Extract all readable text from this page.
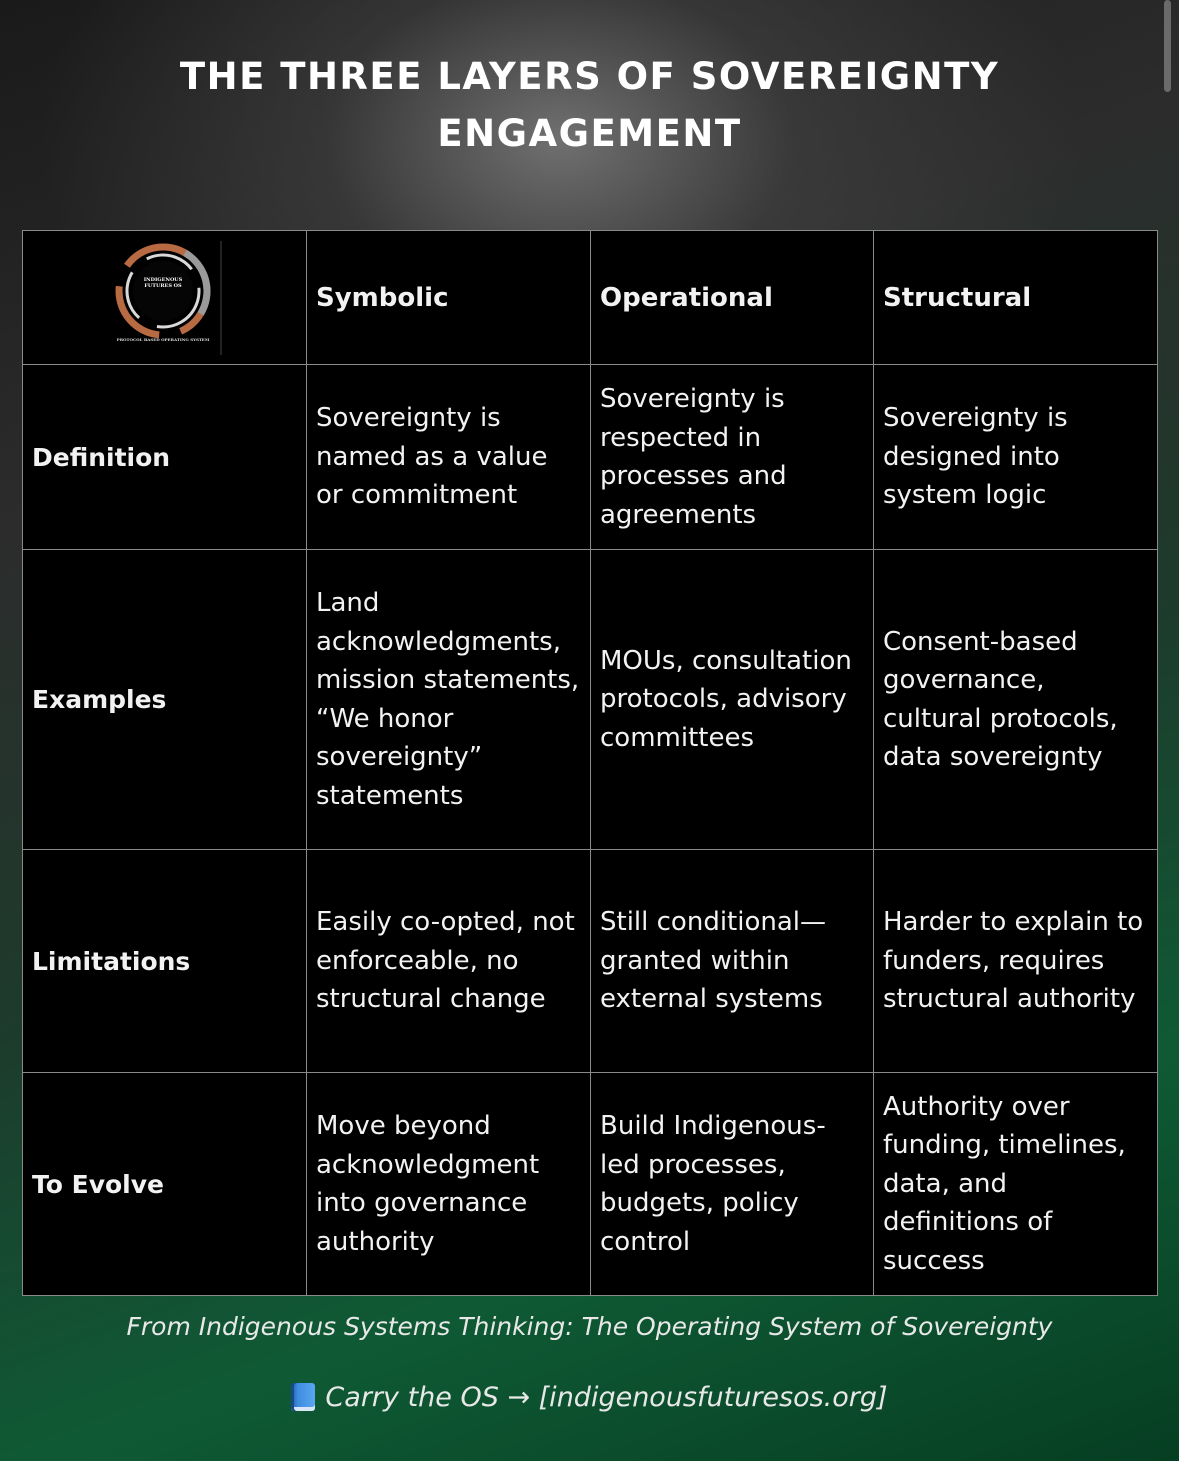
THE THREE LAYERS OF SOVEREIGNTY
ENGAGEMENT
INDIGENOUS FUTURES OS
PROTOCOL BASED OPERATING SYSTEM	Symbolic	Operational	Structural
Definition	Sovereignty is named as a value or commitment	Sovereignty is respected in processes and agreements	Sovereignty is designed into system logic
Examples	Land acknowledgments, mission statements, “We honor sovereignty” statements	MOUs, consultation protocols, advisory committees	Consent-based governance, cultural protocols, data sovereignty
Limitations	Easily co-opted, not enforceable, no structural change	Still conditional—granted within external systems	Harder to explain to funders, requires structural authority
To Evolve	Move beyond acknowledgment into governance authority	Build Indigenous-led processes, budgets, policy control	Authority over funding, timelines, data, and definitions of success
From Indigenous Systems Thinking: The Operating System of Sovereignty
Carry the OS → [indigenousfuturesos.org]
